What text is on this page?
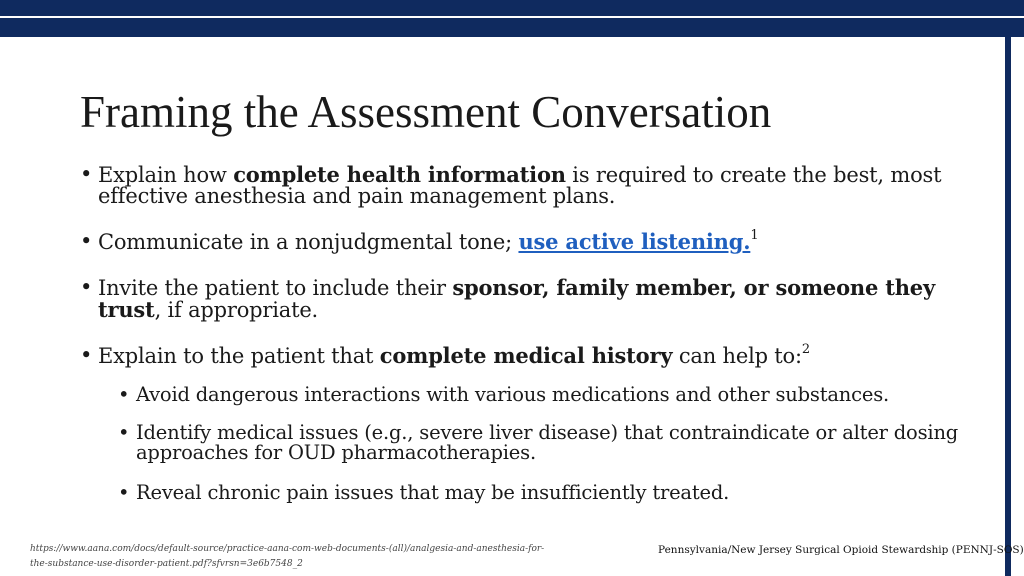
Framing the Assessment Conversation
• Explain how complete health information is required to create the best, most effective anesthesia and pain management plans.
• Communicate in a nonjudgmental tone; use active listening.$^1$
• Invite the patient to include their sponsor, family member, or someone they trust, if appropriate.
• Explain to the patient that complete medical history can help to:$^2$
• Avoid dangerous interactions with various medications and other substances.
• Identify medical issues (e.g., severe liver disease) that contraindicate or alter dosing approaches for OUD pharmacotherapies.
• Reveal chronic pain issues that may be insufficiently treated.
https://www.aana.com/docs/default-source/practice-aana-com-web-documents-(all)/analgesia-and-anesthesia-for-the-substance-use-disorder-patient.pdf?sfvrsn=3e6b7548_2
Pennsylvania/New Jersey Surgical Opioid Stewardship (PENNJ-SOS)
